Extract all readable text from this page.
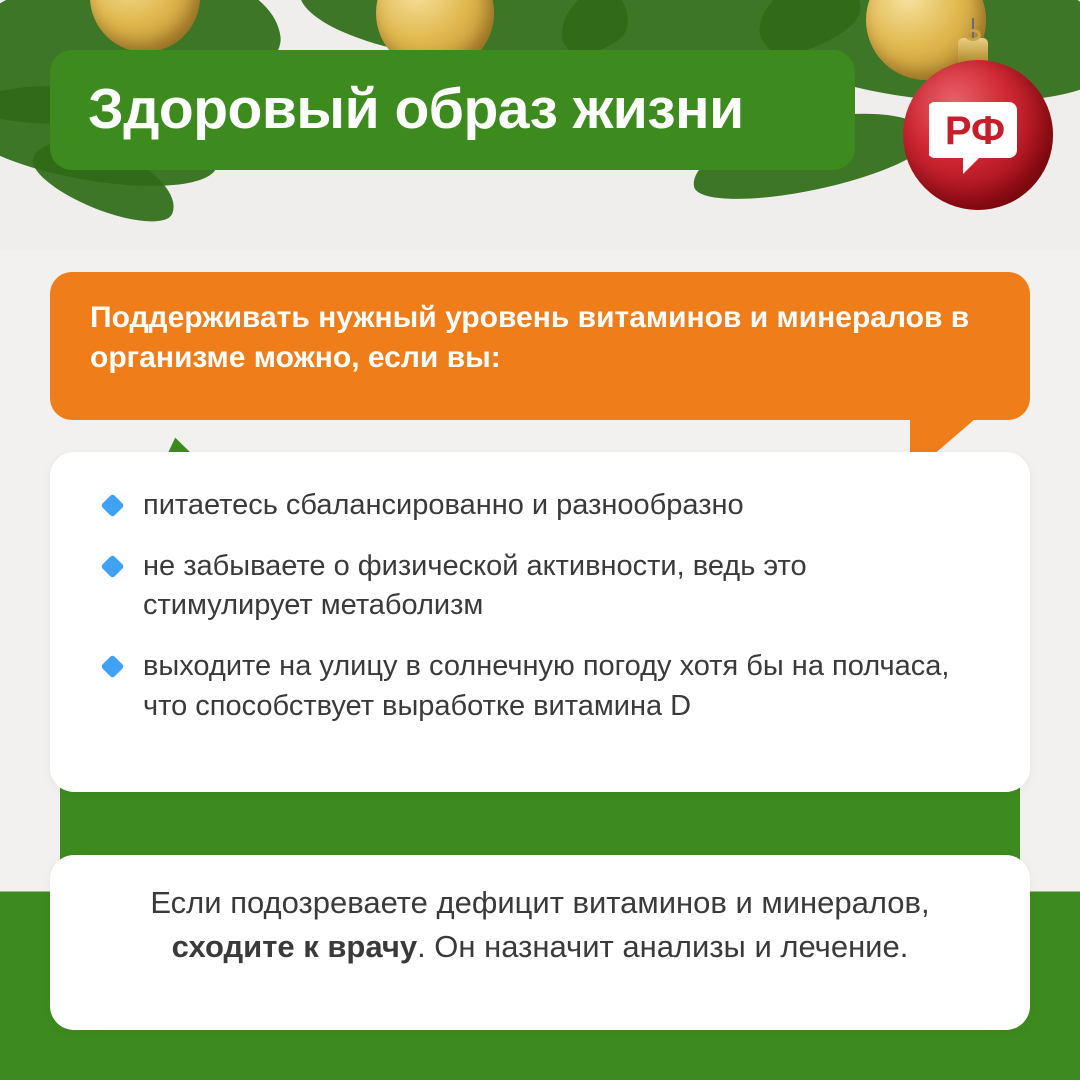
Здоровый образ жизни	РФ
Поддерживать нужный уровень витаминов и минералов в организме можно, если вы:
питаетесь сбалансированно и разнообразно
не забываете о физической активности, ведь это стимулирует метаболизм
выходите на улицу в солнечную погоду хотя бы на полчаса, что способствует выработке витамина D
Если подозреваете дефицит витаминов и минералов, сходите к врачу. Он назначит анализы и лечение.
